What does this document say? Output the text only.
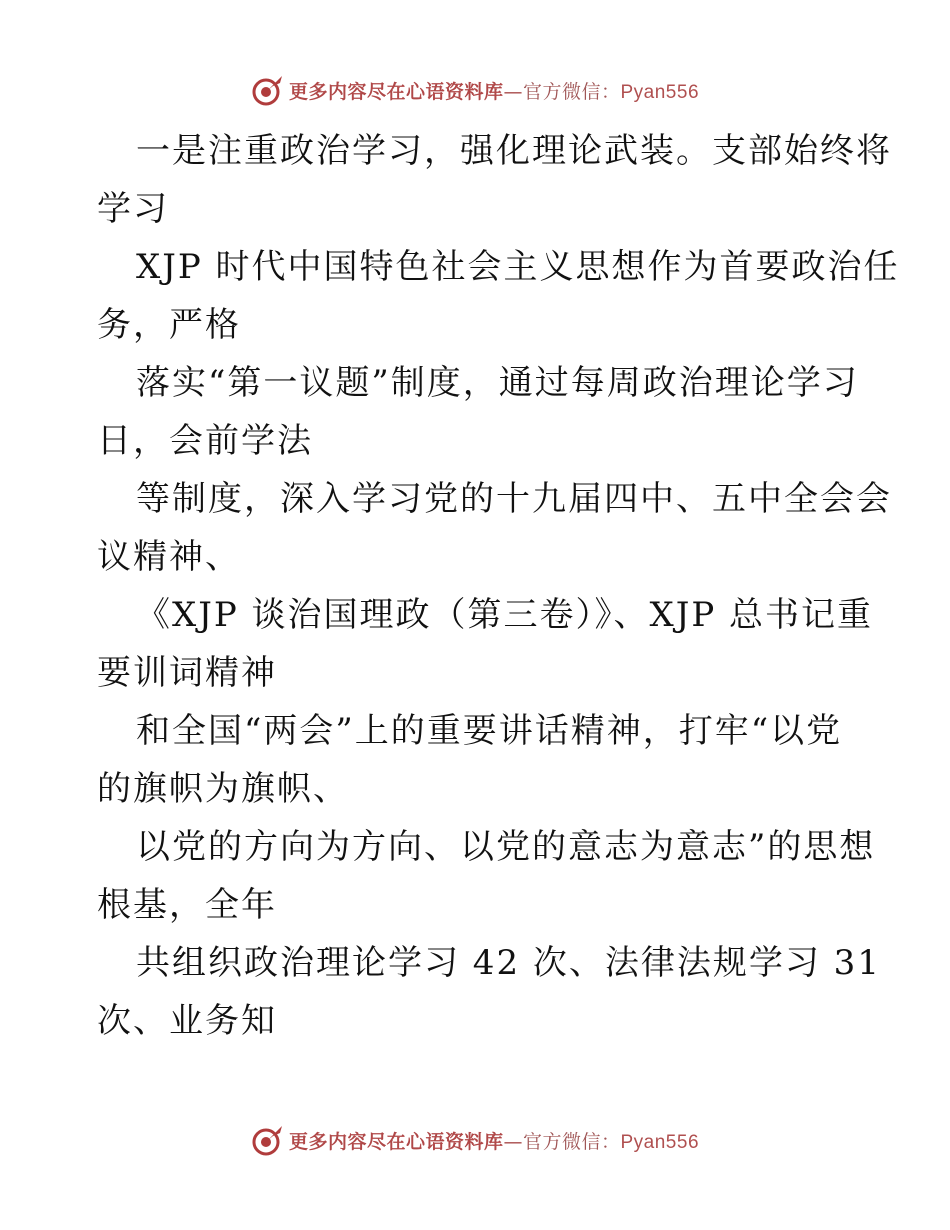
更多内容尽在心语资料库—官方微信：Pyan556
一是注重政治学习，强化理论武装。支部始终将
学习
XJP 时代中国特色社会主义思想作为首要政治任
务，严格
落实“第一议题”制度，通过每周政治理论学习
日，会前学法
等制度，深入学习党的十九届四中、五中全会会
议精神、
《XJP 谈治国理政（第三卷）》、XJP 总书记重
要训词精神
和全国“两会”上的重要讲话精神，打牢“以党
的旗帜为旗帜、
以党的方向为方向、以党的意志为意志”的思想
根基，全年
共组织政治理论学习 42 次、法律法规学习 31
次、业务知
更多内容尽在心语资料库—官方微信：Pyan556
